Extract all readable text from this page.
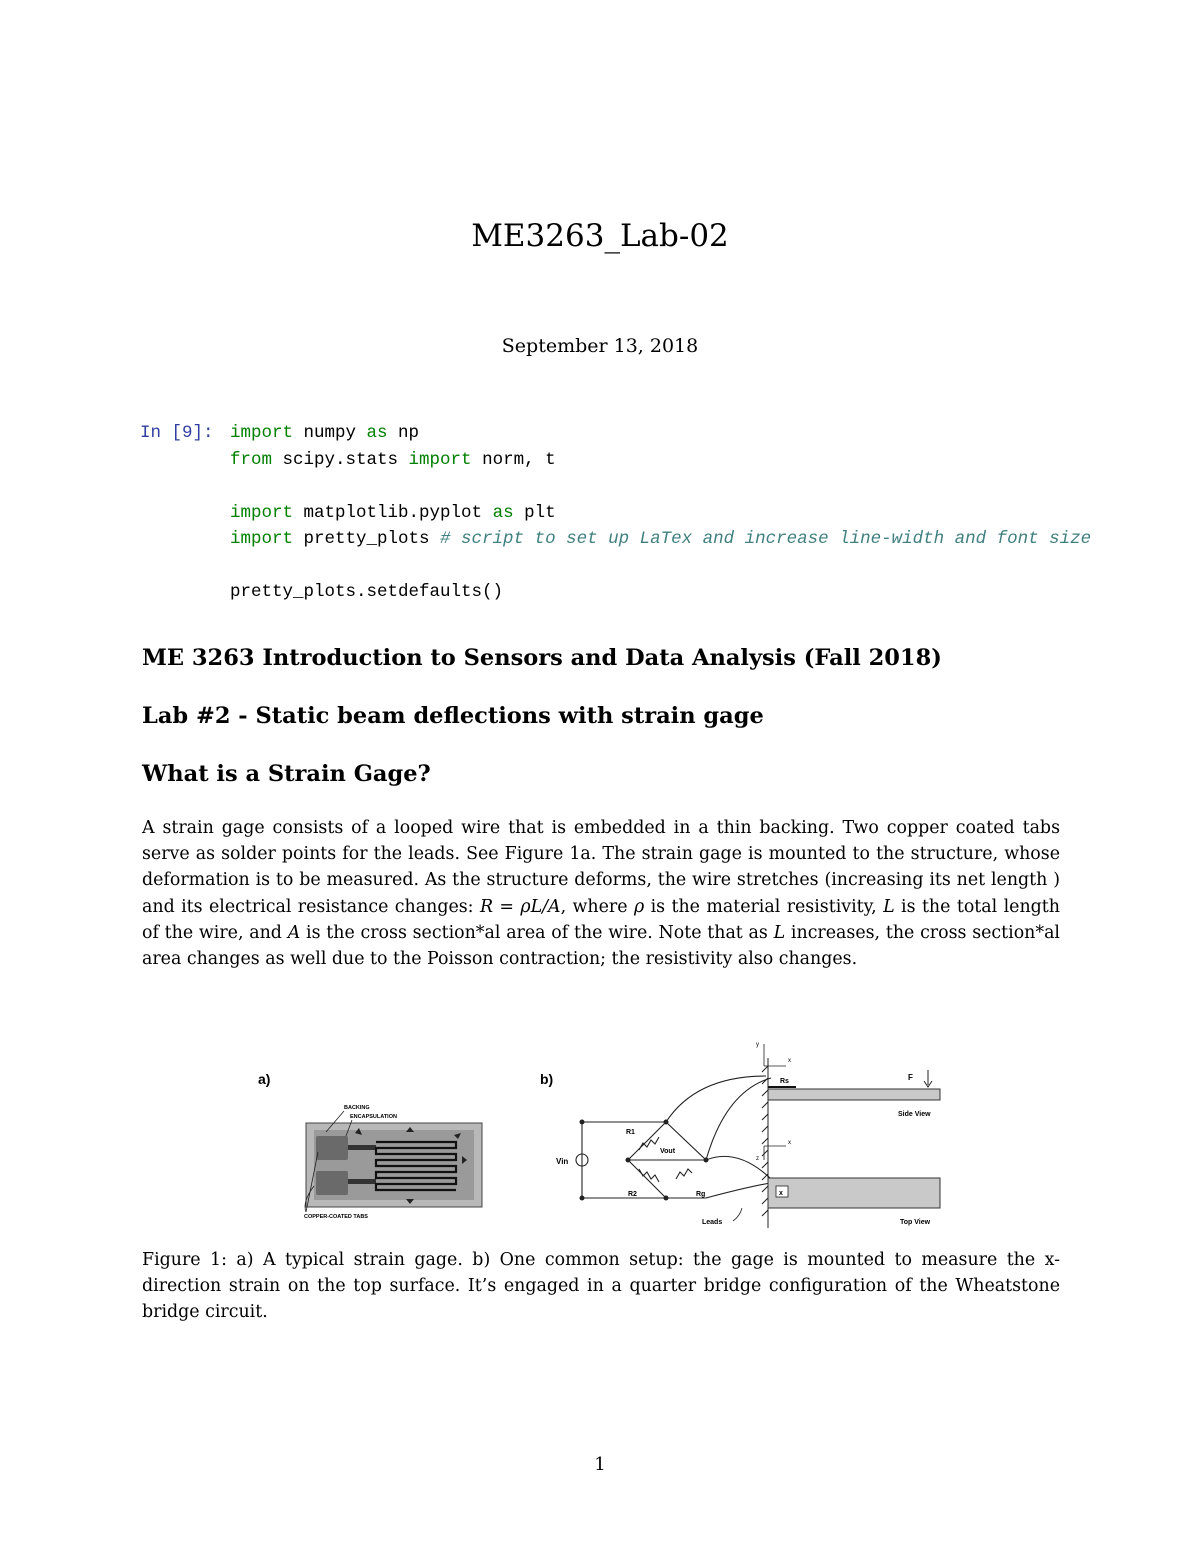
ME3263_Lab-02
September 13, 2018

In [9]:

import numpy as np
from scipy.stats import norm, t

import matplotlib.pyplot as plt
import pretty_plots # script to set up LaTex and increase line-width and font size

pretty_plots.setdefaults()

ME 3263 Introduction to Sensors and Data Analysis (Fall 2018)
Lab #2 - Static beam deflections with strain gage
What is a Strain Gage?
A strain gage consists of a looped wire that is embedded in a thin backing. Two copper coated tabs serve as solder points for the leads. See Figure 1a. The strain gage is mounted to the structure, whose deformation is to be measured. As the structure deforms, the wire stretches (increasing its net length ) and its electrical resistance changes: R = ρL/A, where ρ is the material resistivity, L is the total length of the wire, and A is the cross section*al area of the wire. Note that as L increases, the cross section*al area changes as well due to the Poisson contraction; the resistivity also changes.
a)
BACKING
ENCAPSULATION
COPPER-COATED TABS
b)
Vin
R1
R2	Rg
Vout
Leads
Rs	F
Side View
y
x
x
Top View
z
x
Figure 1: a) A typical strain gage. b) One common setup: the gage is mounted to measure the x-direction strain on the top surface. It’s engaged in a quarter bridge configuration of the Wheatstone bridge circuit.
1
